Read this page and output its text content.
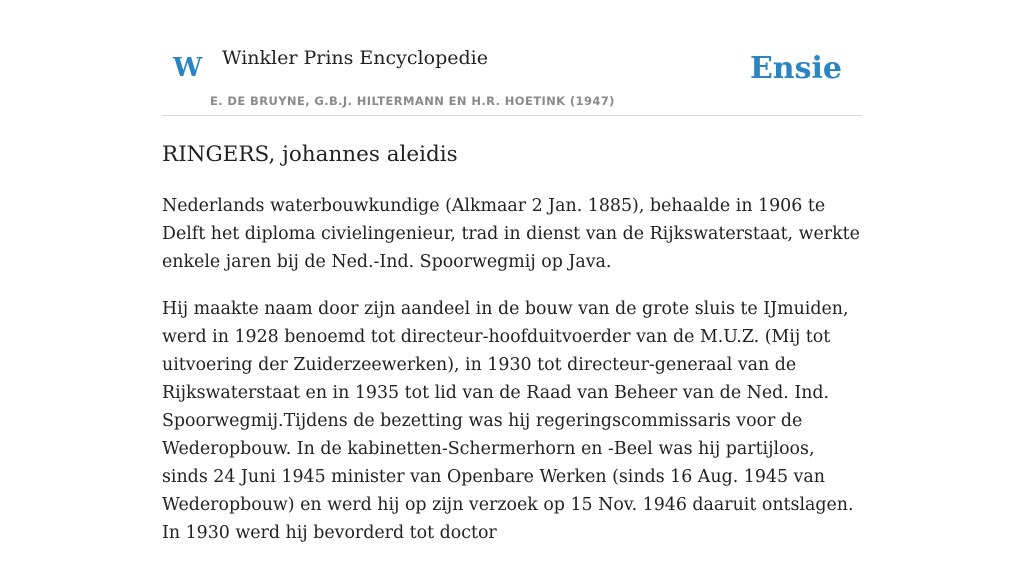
W Winkler Prins Encyclopedie
E. DE BRUYNE, G.B.J. HILTERMANN EN H.R. HOETINK (1947)
Ensie
RINGERS, johannes aleidis

Nederlands waterbouwkundige (Alkmaar 2 Jan. 1885), behaalde in 1906 te Delft het diploma civielingenieur, trad in dienst van de Rijkswaterstaat, werkte enkele jaren bij de Ned.-Ind. Spoorwegmij op Java.

Hij maakte naam door zijn aandeel in de bouw van de grote sluis te IJmuiden, werd in 1928 benoemd tot directeur-hoofduitvoerder van de M.U.Z. (Mij tot uitvoering der Zuiderzeewerken), in 1930 tot directeur-generaal van de Rijkswaterstaat en in 1935 tot lid van de Raad van Beheer van de Ned. Ind. Spoorwegmij.Tijdens de bezetting was hij regeringscommissaris voor de Wederopbouw. In de kabinetten-Schermerhorn en -Beel was hij partijloos, sinds 24 Juni 1945 minister van Openbare Werken (sinds 16 Aug. 1945 van Wederopbouw) en werd hij op zijn verzoek op 15 Nov. 1946 daaruit ontslagen. In 1930 werd hij bevorderd tot doctor
